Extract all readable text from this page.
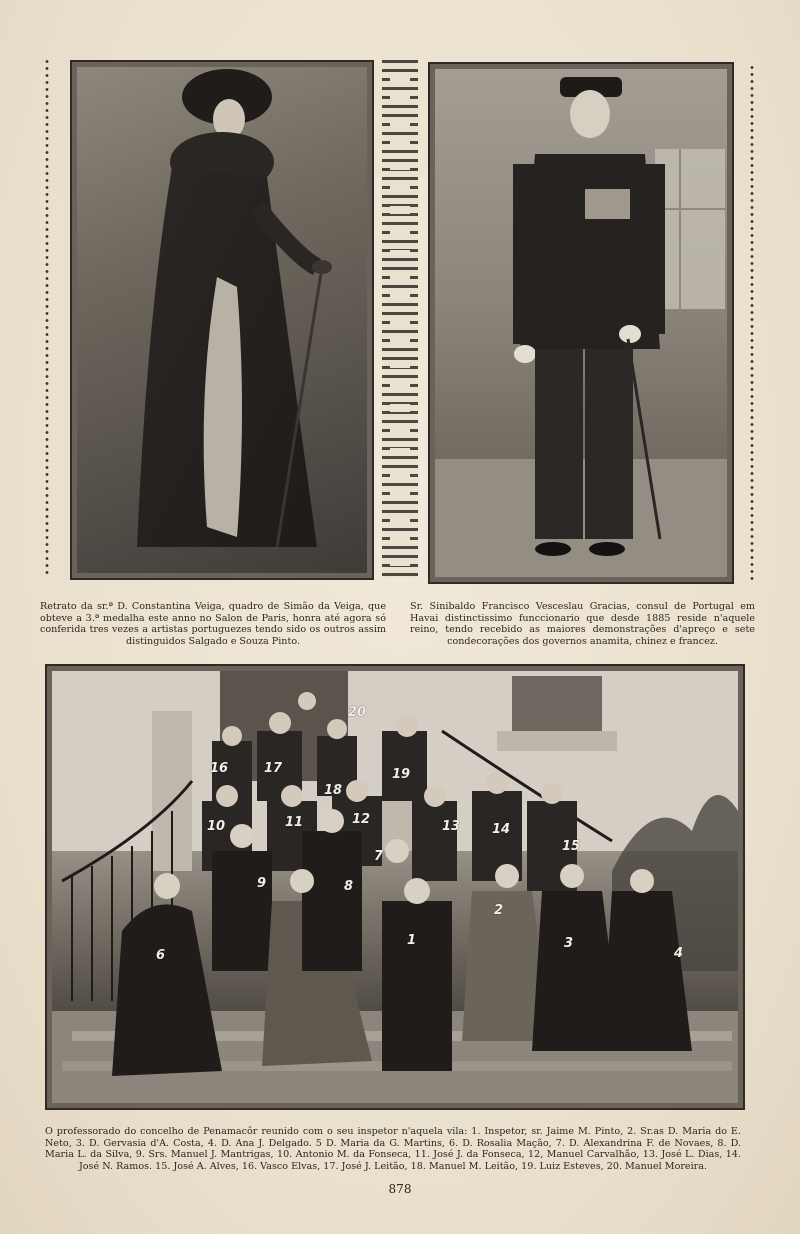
Retrato da sr.ª D. Constantina Veiga, quadro de Simão da Veiga, que obteve a 3.ª medalha este anno no Salon de Paris, honra até agora só conferida tres vezes a artistas portuguezes tendo sido os outros assim distinguidos Salgado e Souza Pinto.
Sr. Sinibaldo Francisco Vesceslau Gracias, consul de Portugal em Havai distinctissimo funccionario que desde 1885 reside n'aquele reino, tendo recebido as maiores demonstrações d'apreço e sete condecorações dos governos anamita, chinez e francez.
1
2
3
4
6
7
8
9
10	11	12	13 14
15
16	17
18
19
20
O professorado do concelho de Penamacôr reunido com o seu inspetor n'aquela vila: 1. Inspetor, sr. Jaime M. Pinto, 2. Sr.as D. Maria do E. Neto, 3. D. Gervasia d'A. Costa, 4. D. Ana J. Delgado. 5 D. Maria da G. Martins, 6. D. Rosalia Mação, 7. D. Alexandrina F. de Novaes, 8. D. Maria L. da Silva, 9. Srs. Manuel J. Mantrigas, 10. Antonio M. da Fonseca, 11. José J. da Fonseca, 12, Manuel Carvalhão, 13. José L. Dias, 14. José N. Ramos. 15. José A. Alves, 16. Vasco Elvas, 17. José J. Leitão, 18. Manuel M. Leitão, 19. Luiz Esteves, 20. Manuel Moreira.
878
